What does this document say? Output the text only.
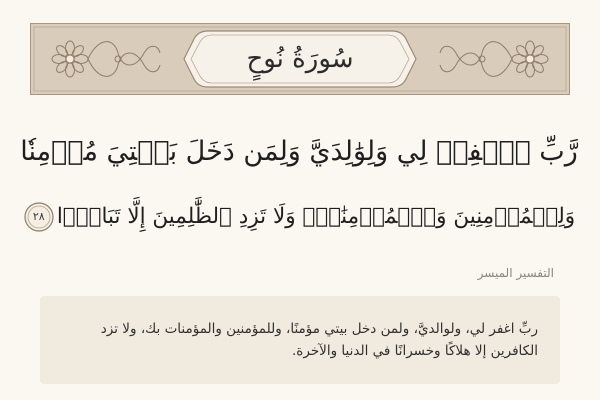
سُورَةُ نُوحٍ
رَّبِّ ٱغۡفِرۡ لِي وَلِوَٰلِدَيَّ وَلِمَن دَخَلَ بَيۡتِيَ مُؤۡمِنٗا
وَلِلۡمُؤۡمِنِينَ وَٱلۡمُؤۡمِنَٰتِۖ وَلَا تَزِدِ ٱلظَّٰلِمِينَ إِلَّا تَبَارَۢا
٢٨
التفسير الميسر
ربِّ اغفر لي، ولوالديَّ، ولمن دخل بيتي مؤمنًا، وللمؤمنين والمؤمنات بك، ولا تزد الكافرين إلا هلاكًا وخسرانًا في الدنيا والآخرة.
